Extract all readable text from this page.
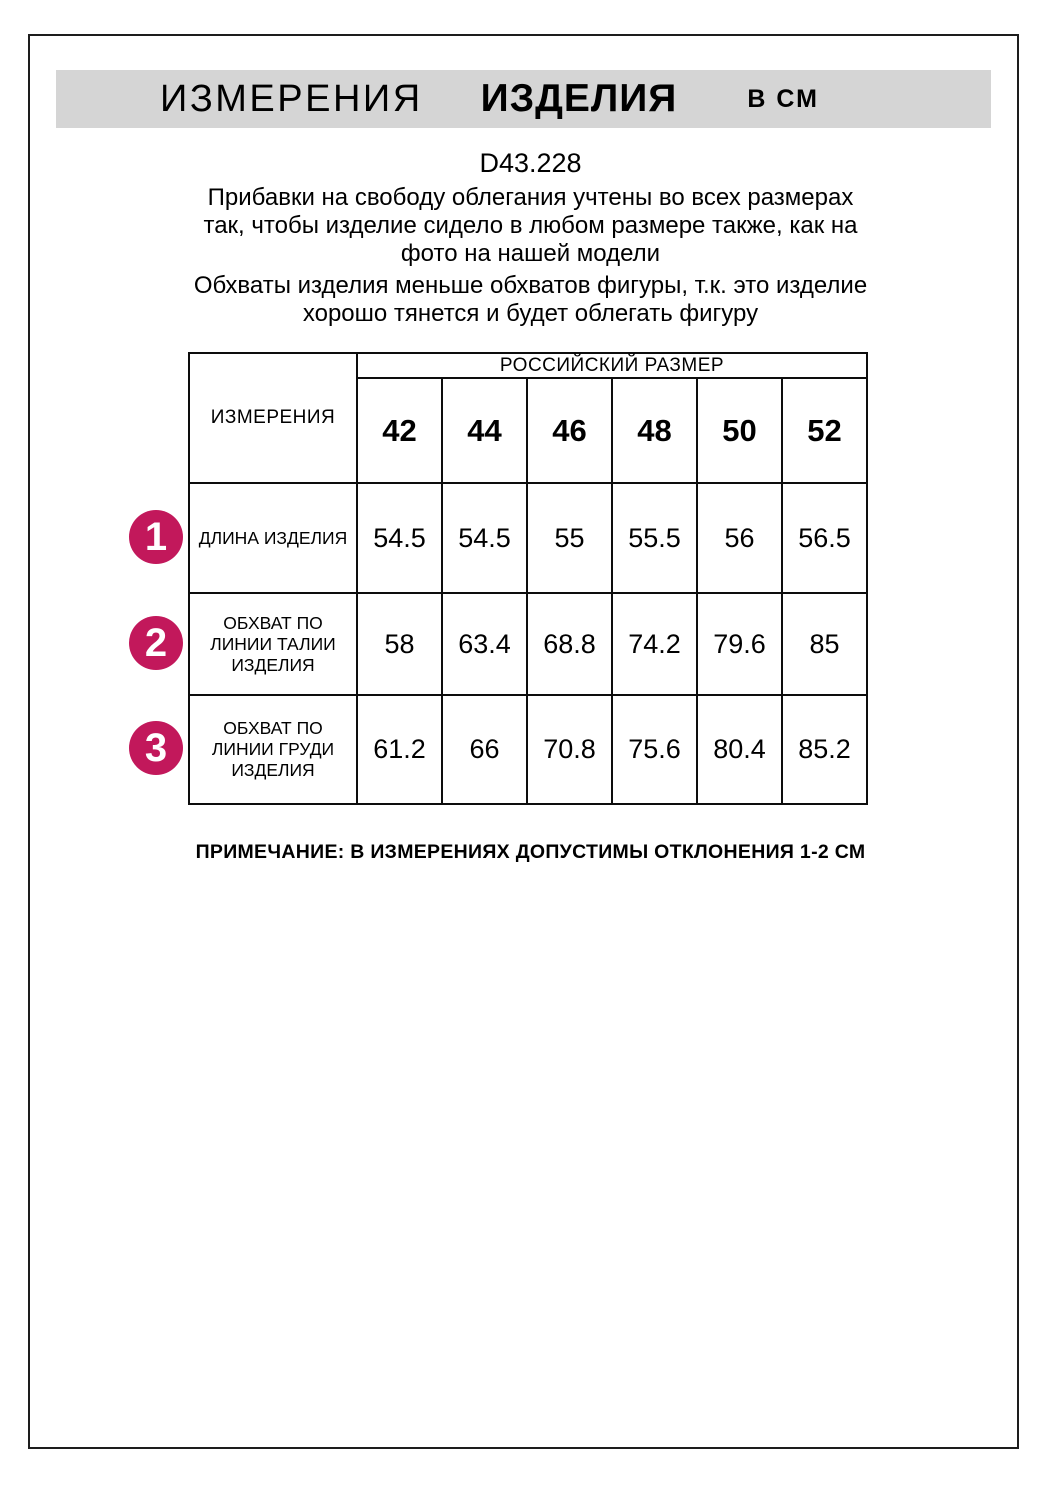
ИЗМЕРЕНИЯ ИЗДЕЛИЯ	В СМ
D43.228
Прибавки на свободу облегания учтены во всех размерах
так, чтобы изделие сидело в любом размере также, как на
фото на нашей модели
Обхваты изделия меньше обхватов фигуры, т.к. это изделие
хорошо тянется и будет облегать фигуру
ИЗМЕРЕНИЯ	РОССИЙСКИЙ РАЗМЕР					
	42	44	46	48	50	52

ДЛИНА ИЗДЕЛИЯ	54.5	54.5	55	55.5	56	56.5

ОБХВАТ ПО
ЛИНИИ ТАЛИИ
ИЗДЕЛИЯ	58	63.4	68.8	74.2	79.6	85

ОБХВАТ ПО
ЛИНИИ ГРУДИ
ИЗДЕЛИЯ	61.2	66	70.8	75.6	80.4	85.2
1
2
3
ПРИМЕЧАНИЕ: В ИЗМЕРЕНИЯХ ДОПУСТИМЫ ОТКЛОНЕНИЯ 1-2 СМ
